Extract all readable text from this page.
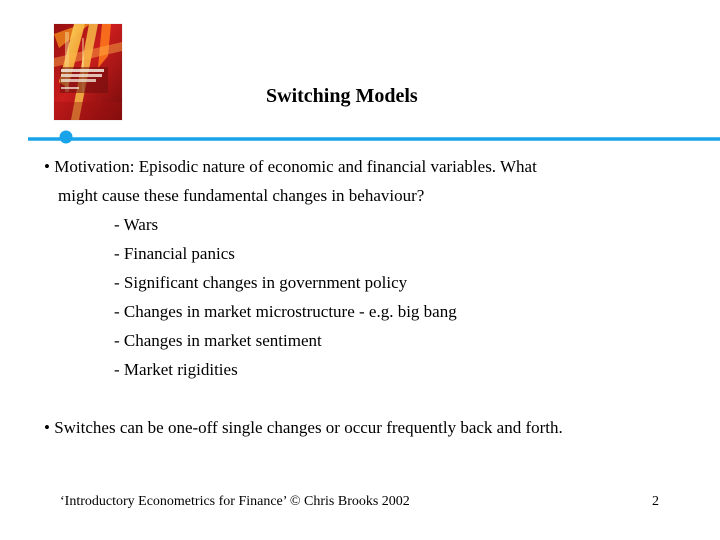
Switching Models
• Motivation: Episodic nature of economic and financial variables. What
might cause these fundamental changes in behaviour?
- Wars
- Financial panics
- Significant changes in government policy
- Changes in market microstructure - e.g. big bang
- Changes in market sentiment
- Market rigidities
• Switches can be one-off single changes or occur frequently back and forth.
‘Introductory Econometrics for Finance’ © Chris Brooks 2002	2
